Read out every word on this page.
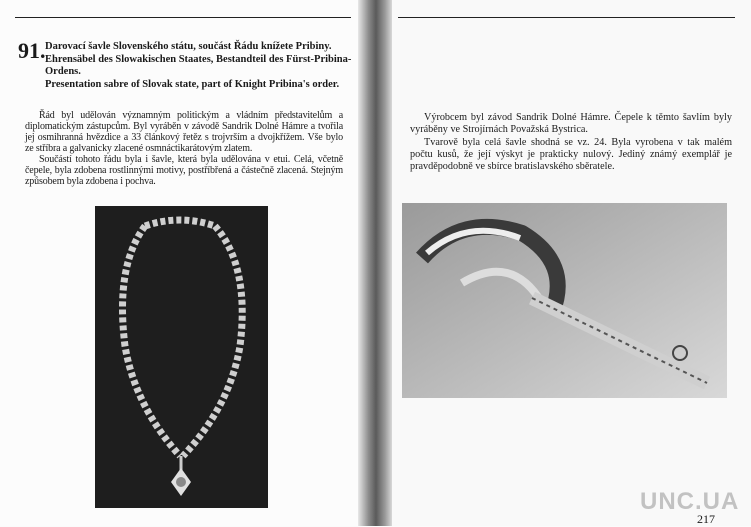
91. Darovací šavle Slovenského státu, součást Řádu knížete Pribiny.
Ehrensäbel des Slowakischen Staates, Bestandteil des Fürst-Pribina-Ordens.
Presentation sabre of Slovak state, part of Knight Pribina's order.

Řád byl udělován významným politickým a vládním představitelům a diplomatickým zástupcům. Byl vyráběn v závodě Sandrik Dolné Hámre a tvořila jej osmihranná hvězdice a 33 článkový řetěz s trojvrším a dvojkřížem. Vše bylo ze stříbra a galvanicky zlacené osmnáctikarátovým zlatem.

Součástí tohoto řádu byla i šavle, která byla udělována v etui. Celá, včetně čepele, byla zdobena rostlinnými motivy, postříbřená a částečně zlacená. Stejným způsobem byla zdobena i pochva.

Výrobcem byl závod Sandrik Dolné Hámre. Čepele k těmto šavlím byly vyráběny ve Strojírnách Považská Bystrica.

Tvarově byla celá šavle shodná se vz. 24. Byla vyrobena v tak malém počtu kusů, že její výskyt je prakticky nulový. Jediný známý exemplář je pravděpodobně ve sbírce bratislavského sběratele.

217
UNC.UA
